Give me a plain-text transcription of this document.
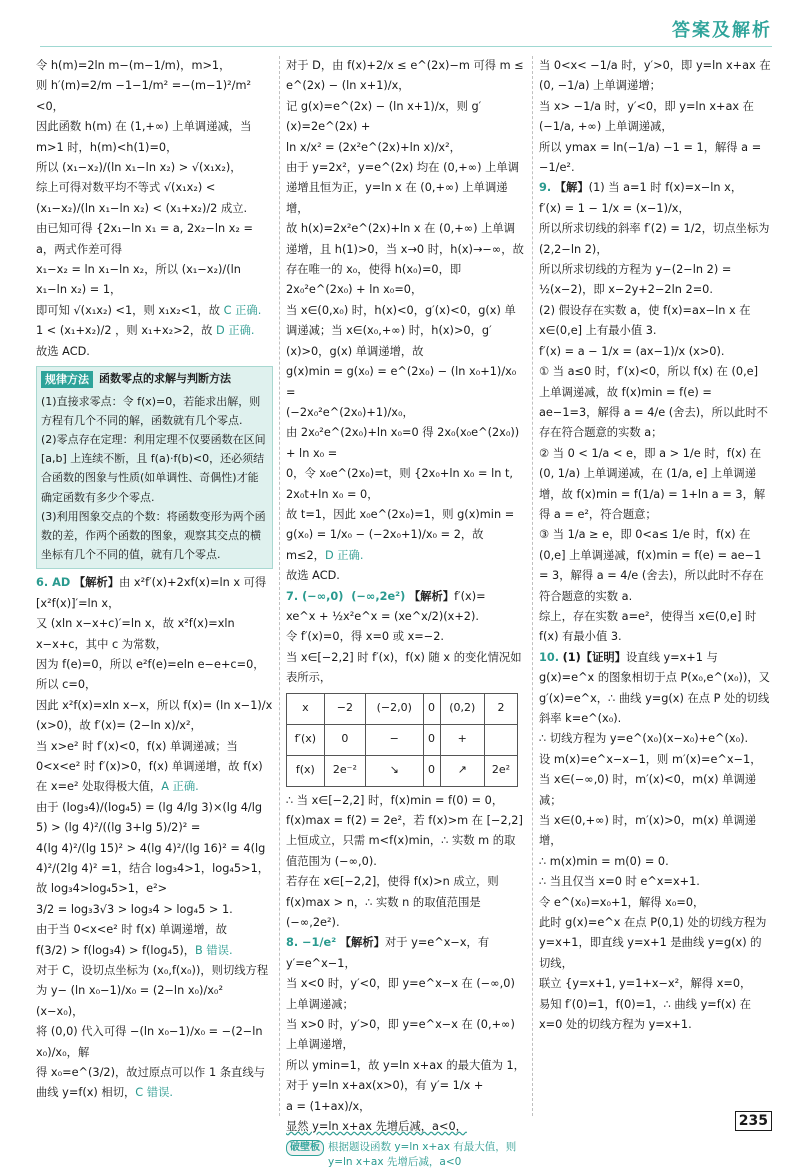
答案及解析

令 h(m)=2ln m−(m−1/m)，m>1，

则 h′(m)=2/m −1−1/m² =−(m−1)²/m² <0，

因此函数 h(m) 在 (1,+∞) 上单调递减，当 m>1 时，h(m)<h(1)=0，

所以 (x₁−x₂)/(ln x₁−ln x₂) > √(x₁x₂)，

综上可得对数平均不等式 √(x₁x₂) < (x₁−x₂)/(ln x₁−ln x₂) < (x₁+x₂)/2 成立.

由已知可得 {2x₁−ln x₁ = a, 2x₂−ln x₂ = a，两式作差可得

x₁−x₂ = ln x₁−ln x₂，所以 (x₁−x₂)/(ln x₁−ln x₂) = 1，

即可知 √(x₁x₂) <1，则 x₁x₂<1，故 C 正确.

1 < (x₁+x₂)/2 ，则 x₁+x₂>2，故 D 正确.

故选 ACD.

规律方法 函数零点的求解与判断方法

(1)直接求零点：令 f(x)=0，若能求出解，则方程有几个不同的解，函数就有几个零点.

(2)零点存在定理：利用定理不仅要函数在区间 [a,b] 上连续不断，且 f(a)·f(b)<0，还必须结合函数的图象与性质(如单调性、奇偶性)才能确定函数有多少个零点.

(3)利用图象交点的个数：将函数变形为两个函数的差，作两个函数的图象，观察其交点的横坐标有几个不同的值，就有几个零点.

6. AD 【解析】由 x²f′(x)+2xf(x)=ln x 可得 [x²f(x)]′=ln x，

又 (xln x−x+c)′=ln x，故 x²f(x)=xln x−x+c，其中 c 为常数，

因为 f(e)=0，所以 e²f(e)=eln e−e+c=0，所以 c=0，

因此 x²f(x)=xln x−x，所以 f(x)= (ln x−1)/x (x>0)，故 f′(x)= (2−ln x)/x²，

当 x>e² 时 f′(x)<0，f(x) 单调递减；当 0<x<e² 时 f′(x)>0，f(x) 单调递增，故 f(x) 在 x=e² 处取得极大值，A 正确.

由于 (log₃4)/(log₄5) = (lg 4/lg 3)×(lg 4/lg 5) > (lg 4)²/((lg 3+lg 5)/2)² =

4(lg 4)²/(lg 15)² > 4(lg 4)²/(lg 16)² = 4(lg 4)²/(2lg 4)² =1，结合 log₃4>1，log₄5>1，故 log₃4>log₄5>1，e²>

3/2 = log₃3√3 > log₃4 > log₄5 > 1.

由于当 0<x<e² 时 f(x) 单调递增，故

f(3/2) > f(log₃4) > f(log₄5)，B 错误.

对于 C，设切点坐标为 (x₀,f(x₀))，则切线方程为 y− (ln x₀−1)/x₀ = (2−ln x₀)/x₀² (x−x₀)，

将 (0,0) 代入可得 −(ln x₀−1)/x₀ = −(2−ln x₀)/x₀，解

得 x₀=e^(3/2)，故过原点可以作 1 条直线与曲线 y=f(x) 相切，C 错误.

对于 D，由 f(x)+2/x ≤ e^(2x)−m 可得 m ≤

e^(2x) − (ln x+1)/x，

记 g(x)=e^(2x) − (ln x+1)/x，则 g′(x)=2e^(2x) +

ln x/x² = (2x²e^(2x)+ln x)/x²，

由于 y=2x²，y=e^(2x) 均在 (0,+∞) 上单调递增且恒为正，y=ln x 在 (0,+∞) 上单调递增，

故 h(x)=2x²e^(2x)+ln x 在 (0,+∞) 上单调递增，且 h(1)>0，当 x→0 时，h(x)→−∞，故存在唯一的 x₀，使得 h(x₀)=0，即 2x₀²e^(2x₀) + ln x₀=0，

当 x∈(0,x₀) 时，h(x)<0，g′(x)<0，g(x) 单调递减；当 x∈(x₀,+∞) 时，h(x)>0，g′(x)>0，g(x) 单调递增，故

g(x)min = g(x₀) = e^(2x₀) − (ln x₀+1)/x₀ =

(−2x₀²e^(2x₀)+1)/x₀，

由 2x₀²e^(2x₀)+ln x₀=0 得 2x₀(x₀e^(2x₀)) + ln x₀ =

0，令 x₀e^(2x₀)=t，则 {2x₀+ln x₀ = ln t, 2x₀t+ln x₀ = 0，

故 t=1，因此 x₀e^(2x₀)=1，则 g(x)min = g(x₀) = 1/x₀ − (−2x₀+1)/x₀ = 2，故 m≤2，D 正确.

故选 ACD.

7. (−∞,0)  (−∞,2e²) 【解析】f′(x)=

xe^x + ½x²e^x = (xe^x/2)(x+2).

令 f′(x)=0，得 x=0 或 x=−2.

当 x∈[−2,2] 时 f′(x)，f(x) 随 x 的变化情况如表所示，

x	−2	(−2,0)	0	(0,2)	2
f′(x)	0	−	0	+	
f(x)	2e⁻²	↘	0	↗	2e²

∴ 当 x∈[−2,2] 时，f(x)min = f(0) = 0，

f(x)max = f(2) = 2e²，若 f(x)>m 在 [−2,2] 上恒成立，只需 m<f(x)min，∴ 实数 m 的取值范围为 (−∞,0).

若存在 x∈[−2,2]，使得 f(x)>n 成立，则 f(x)max > n，∴ 实数 n 的取值范围是 (−∞,2e²).

8. −1/e² 【解析】对于 y=e^x−x，有 y′=e^x−1，

当 x<0 时，y′<0，即 y=e^x−x 在 (−∞,0) 上单调递减；

当 x>0 时，y′>0，即 y=e^x−x 在 (0,+∞) 上单调递增，

所以 ymin=1，故 y=ln x+ax 的最大值为 1，

对于 y=ln x+ax(x>0)，有 y′= 1/x +

a = (1+ax)/x，

显然 y=ln x+ax 先增后减，a<0，

破壁板 根据题设函数 y=ln x+ax 有最大值，则 y=ln x+ax 先增后减，a<0

当 0<x< −1/a 时，y′>0，即 y=ln x+ax 在

(0, −1/a) 上单调递增；

当 x> −1/a 时，y′<0，即 y=ln x+ax 在

(−1/a, +∞) 上单调递减，

所以 ymax = ln(−1/a) −1 = 1，解得 a = −1/e².

9. 【解】(1) 当 a=1 时 f(x)=x−ln x，

f′(x) = 1 − 1/x = (x−1)/x，

所以所求切线的斜率 f′(2) = 1/2，切点坐标为 (2,2−ln 2)，

所以所求切线的方程为 y−(2−ln 2) = ½(x−2)，即 x−2y+2−2ln 2=0.

(2) 假设存在实数 a，使 f(x)=ax−ln x 在 x∈(0,e] 上有最小值 3.

f′(x) = a − 1/x = (ax−1)/x (x>0).

① 当 a≤0 时，f′(x)<0，所以 f(x) 在 (0,e] 上单调递减，故 f(x)min = f(e) = ae−1=3，解得 a = 4/e (舍去)，所以此时不存在符合题意的实数 a；

② 当 0 < 1/a < e，即 a > 1/e 时，f(x) 在 (0, 1/a) 上单调递减，在 (1/a, e] 上单调递增，故 f(x)min = f(1/a) = 1+ln a = 3，解得 a = e²，符合题意；

③ 当 1/a ≥ e，即 0<a≤ 1/e 时，f(x) 在 (0,e] 上单调递减，f(x)min = f(e) = ae−1 = 3，解得 a = 4/e (舍去)，所以此时不存在符合题意的实数 a.

综上，存在实数 a=e²，使得当 x∈(0,e] 时 f(x) 有最小值 3.

10. (1)【证明】设直线 y=x+1 与 g(x)=e^x 的图象相切于点 P(x₀,e^(x₀))，又 g′(x)=e^x，∴ 曲线 y=g(x) 在点 P 处的切线斜率 k=e^(x₀).

∴ 切线方程为 y=e^(x₀)(x−x₀)+e^(x₀).

设 m(x)=e^x−x−1，则 m′(x)=e^x−1，

当 x∈(−∞,0) 时，m′(x)<0，m(x) 单调递减；

当 x∈(0,+∞) 时，m′(x)>0，m(x) 单调递增，

∴ m(x)min = m(0) = 0.

∴ 当且仅当 x=0 时 e^x=x+1.

令 e^(x₀)=x₀+1，解得 x₀=0，

此时 g(x)=e^x 在点 P(0,1) 处的切线方程为 y=x+1，即直线 y=x+1 是曲线 y=g(x) 的切线，

联立 {y=x+1, y=1+x−x²，解得 x=0，

易知 f′(0)=1，f(0)=1，∴ 曲线 y=f(x) 在 x=0 处的切线方程为 y=x+1.

235
